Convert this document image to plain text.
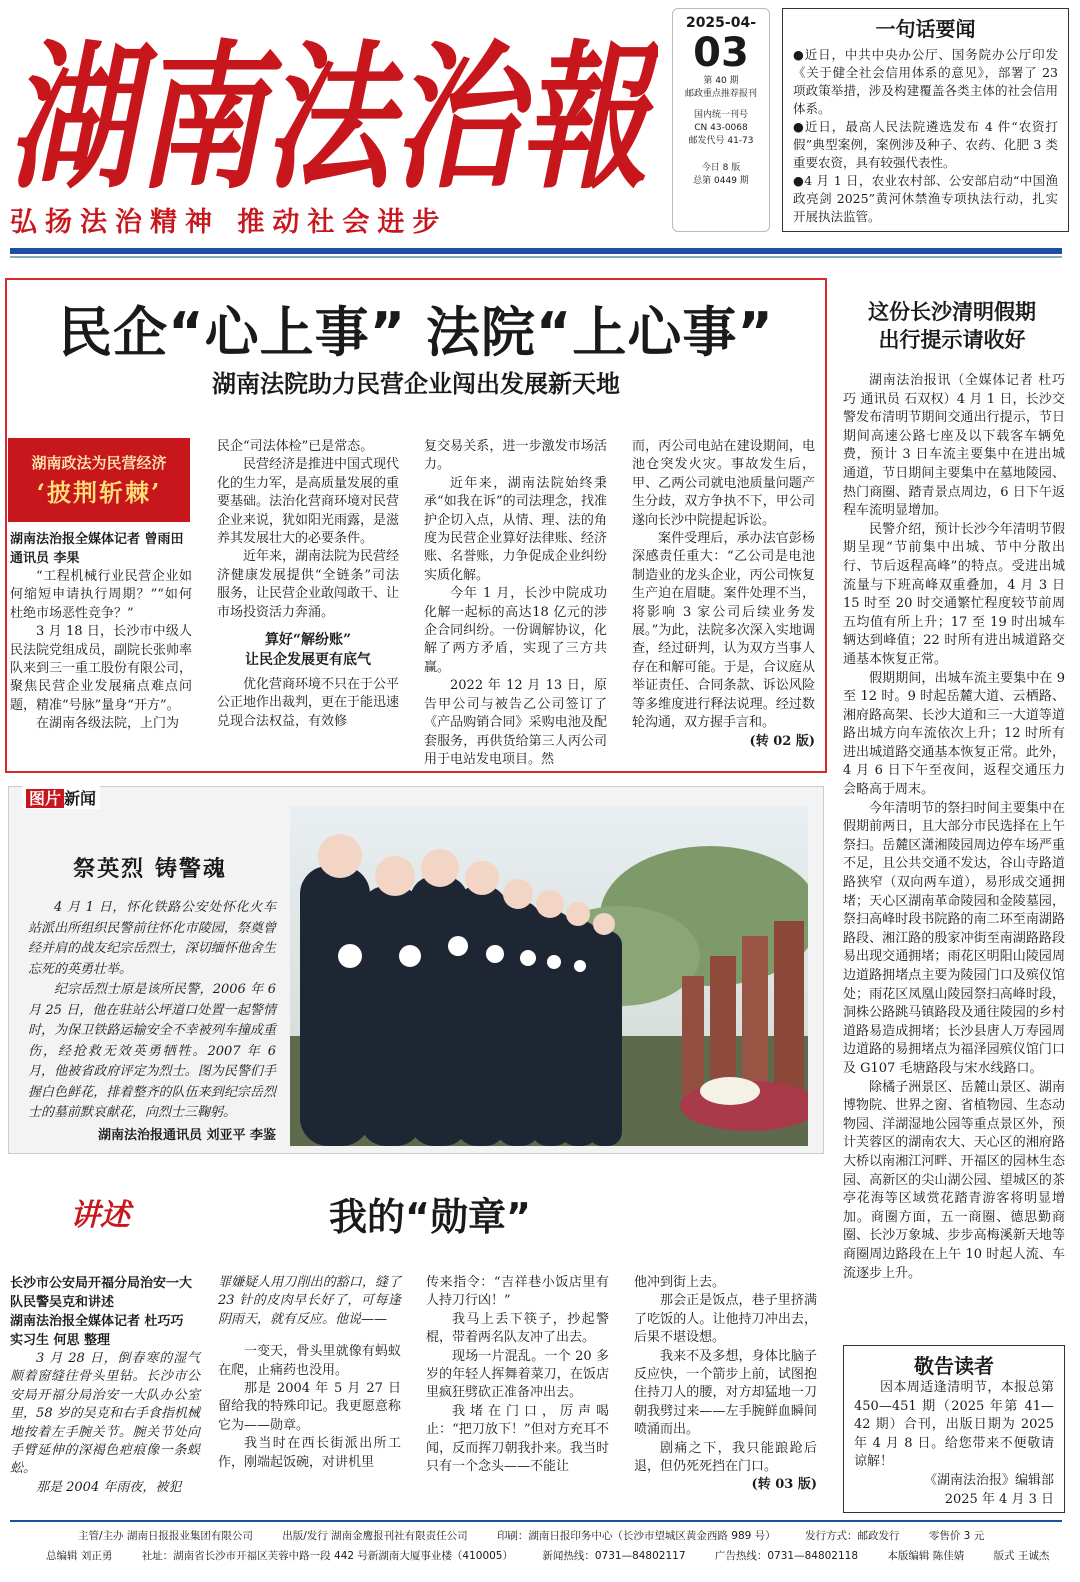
湖南法治報
弘扬法治精神 推动社会进步
2025-04-
03
第 40 期
邮政重点推荐报刊
国内统一刊号
CN 43-0068
邮发代号 41-73
今日 8 版
总第 0449 期
一句话要闻

●近日，中共中央办公厅、国务院办公厅印发《关于健全社会信用体系的意见》，部署了 23 项政策举措，涉及构建覆盖各类主体的社会信用体系。

●近日，最高人民法院遴选发布 4 件“农资打假”典型案例，案例涉及种子、农药、化肥 3 类重要农资，具有较强代表性。

●4 月 1 日，农业农村部、公安部启动“中国渔政亮剑 2025”黄河休禁渔专项执法行动，扎实开展执法监管。

民企“心上事” 法院“上心事”
湖南法院助力民营企业闯出发展新天地
湖南政法为民营经济
‘披荆斩棘’
湖南法治报全媒体记者 曾雨田
通讯员 李果

“工程机械行业民营企业如何缩短申请执行周期？”“如何杜绝市场恶性竞争？”

3 月 18 日，长沙市中级人民法院党组成员，副院长张帅率队来到三一重工股份有限公司，聚焦民营企业发展痛点难点问题，精准“号脉”量身“开方”。

在湖南各级法院，上门为

民企“司法体检”已是常态。

民营经济是推进中国式现代化的生力军，是高质量发展的重要基础。法治化营商环境对民营企业来说，犹如阳光雨露，是滋养其发展壮大的必要条件。

近年来，湖南法院为民营经济健康发展提供“全链条”司法服务，让民营企业敢闯敢干、让市场投资活力奔涌。

算好“解纷账”
让民企发展更有底气

优化营商环境不只在于公平公正地作出裁判，更在于能迅速兑现合法权益，有效修

复交易关系，进一步激发市场活力。

近年来，湖南法院始终秉承“如我在诉”的司法理念，找准护企切入点，从情、理、法的角度为民营企业算好法律账、经济账、名誉账，力争促成企业纠纷实质化解。

今年 1 月，长沙中院成功化解一起标的高达18 亿元的涉企合同纠纷。一份调解协议，化解了两方矛盾，实现了三方共赢。

2022 年 12 月 13 日，原告甲公司与被告乙公司签订了《产品购销合同》采购电池及配套服务，再供货给第三人丙公司用于电站发电项目。然

而，丙公司电站在建设期间，电池仓突发火灾。事故发生后，甲、乙两公司就电池质量问题产生分歧，双方争执不下，甲公司遂向长沙中院提起诉讼。

案件受理后，承办法官彭杨深感责任重大：“乙公司是电池制造业的龙头企业，丙公司恢复生产迫在眉睫。案件处理不当，将影响 3 家公司后续业务发展。”为此，法院多次深入实地调查，经过研判，认为双方当事人存在和解可能。于是，合议庭从举证责任、合同条款、诉讼风险等多维度进行释法说理。经过数轮沟通，双方握手言和。

(转 02 版)
这份长沙清明假期
出行提示请收好

湖南法治报讯（全媒体记者 杜巧巧 通讯员 石双权）4 月 1 日，长沙交警发布清明节期间交通出行提示，节日期间高速公路七座及以下载客车辆免费，预计 3 日车流主要集中在进出城通道，节日期间主要集中在墓地陵园、热门商圈、踏青景点周边，6 日下午返程车流明显增加。

民警介绍，预计长沙今年清明节假期呈现“节前集中出城、节中分散出行、节后返程高峰”的特点。受进出城流量与下班高峰双重叠加，4 月 3 日 15 时至 20 时交通繁忙程度较节前周五均值有所上升；17 至 19 时出城车辆达到峰值；22 时所有进出城道路交通基本恢复正常。

假期期间，出城车流主要集中在 9 至 12 时。9 时起岳麓大道、云栖路、湘府路高架、长沙大道和三一大道等道路出城方向车流依次上升；12 时所有进出城道路交通基本恢复正常。此外，4 月 6 日下午至夜间，返程交通压力会略高于周末。

今年清明节的祭扫时间主要集中在假期前两日，且大部分市民选择在上午祭扫。岳麓区潇湘陵园周边停车场严重不足，且公共交通不发达，谷山寺路道路狭窄（双向两车道），易形成交通拥堵；天心区湖南革命陵园和金陵墓园，祭扫高峰时段书院路的南二环至南湖路路段、湘江路的殷家冲街至南湖路路段易出现交通拥堵；雨花区明阳山陵园周边道路拥堵点主要为陵园门口及殡仪馆处；雨花区凤凰山陵园祭扫高峰时段，洞株公路跳马镇路段及通往陵园的乡村道路易造成拥堵；长沙县唐人万寿园周边道路的易拥堵点为福泽园殡仪馆门口及 G107 毛塘路段与宋水线路口。

除橘子洲景区、岳麓山景区、湖南博物院、世界之窗、省植物园、生态动物园、洋湖湿地公园等重点景区外，预计芙蓉区的湖南农大、天心区的湘府路大桥以南湘江河畔、开福区的园林生态园、高新区的尖山湖公园、望城区的茶亭花海等区域赏花踏青游客将明显增加。商圈方面，五一商圈、德思勤商圈、长沙万象城、步步高梅溪新天地等商圈周边路段在上午 10 时起人流、车流逐步上升。

敬告读者
因本周适逢清明节，本报总第 450—451 期（2025 年第 41—42 期）合刊，出版日期为 2025 年 4 月 8 日。给您带来不便敬请谅解！
《湖南法治报》编辑部
2025 年 4 月 3 日
图片 新闻
祭英烈 铸警魂

4 月 1 日，怀化铁路公安处怀化火车站派出所组织民警前往怀化市陵园，祭奠曾经并肩的战友纪宗岳烈士，深切缅怀他舍生忘死的英勇壮举。

纪宗岳烈士原是该所民警，2006 年 6 月 25 日，他在驻站公坪道口处置一起警情时，为保卫铁路运输安全不幸被列车撞成重伤，经抢救无效英勇牺牲。2007 年 6 月，他被省政府评定为烈士。图为民警们手握白色鲜花，排着整齐的队伍来到纪宗岳烈士的墓前默哀献花，向烈士三鞠躬。

湖南法治报通讯员 刘亚平 李鉴
讲述	我的“勋章”
长沙市公安局开福分局治安一大队民警吴克和讲述
湖南法治报全媒体记者 杜巧巧
实习生 何思 整理

3 月 28 日，倒春寒的湿气顺着窗缝往骨头里钻。长沙市公安局开福分局治安一大队办公室里，58 岁的吴克和右手食指机械地按着左手腕关节。腕关节处向手臂延伸的深褐色疤痕像一条蜈蚣。

那是 2004 年雨夜，被犯

罪嫌疑人用刀削出的豁口，缝了 23 针的皮肉早长好了，可每逢阴雨天，就有反应。他说——

一变天，骨头里就像有蚂蚁在爬，止痛药也没用。

那是 2004 年 5 月 27 日留给我的特殊印记。我更愿意称它为——勋章。

我当时在西长街派出所工作，刚端起饭碗，对讲机里

传来指令：“吉祥巷小饭店里有人持刀行凶！”

我马上丢下筷子，抄起警棍，带着两名队友冲了出去。

现场一片混乱。一个 20 多岁的年轻人挥舞着菜刀，在饭店里疯狂劈砍正准备冲出去。

我堵在门口，厉声喝止：“把刀放下！”但对方充耳不闻，反而挥刀朝我扑来。我当时只有一个念头——不能让

他冲到街上去。

那会正是饭点，巷子里挤满了吃饭的人。让他持刀冲出去，后果不堪设想。

我来不及多想，身体比脑子反应快，一个箭步上前，试图抱住持刀人的腰，对方却猛地一刀朝我劈过来——左手腕鲜血瞬间喷涌而出。

剧痛之下，我只能踉跄后退，但仍死死挡在门口。

(转 03 版)
主管/主办 湖南日报报业集团有限公司	出版/发行 湖南金鹰报刊社有限责任公司	印刷：湖南日报印务中心（长沙市望城区黄金西路 989 号）	发行方式：邮政发行	零售价 3 元
总编辑 刘正勇	社址：湖南省长沙市开福区芙蓉中路一段 442 号新湖南大厦事业楼（410005）	新闻热线：0731—84802117	广告热线：0731—84802118	本版编辑 陈佳婧	版式 王诚杰
